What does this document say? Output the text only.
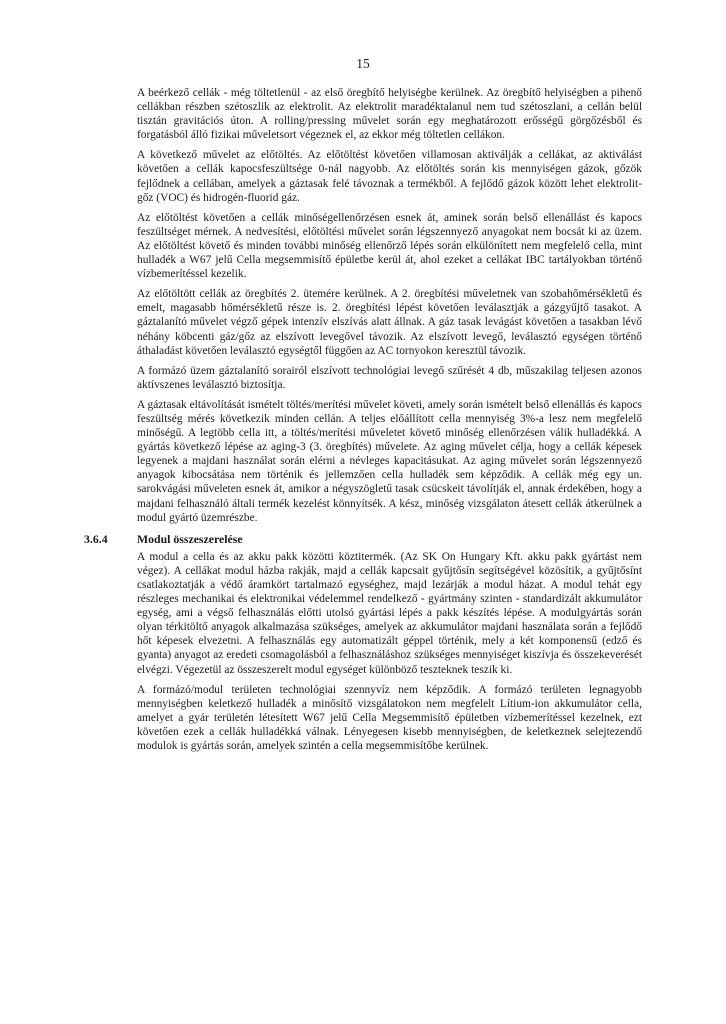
15

A beérkező cellák - még töltetlenül - az első öregbítő helyiségbe kerülnek. Az öregbítő helyiségben a pihenő cellákban részben szétoszlik az elektrolit. Az elektrolit maradéktalanul nem tud szétoszlani, a cellán belül tisztán gravitációs úton. A rolling/pressing művelet során egy meghatározott erősségű görgőzésből és forgatásból álló fizikai műveletsort végeznek el, az ekkor még töltetlen cellákon.

A következő művelet az előtöltés. Az előtöltést követően villamosan aktiválják a cellákat, az aktiválást követően a cellák kapocsfeszültsége 0-nál nagyobb. Az előtöltés során kis mennyiségen gázok, gőzök fejlődnek a cellában, amelyek a gáztasak felé távoznak a termékből. A fejlődő gázok között lehet elektrolit-gőz (VOC) és hidrogén-fluorid gáz.

Az előtöltést követően a cellák minőségellenőrzésen esnek át, aminek során belső ellenállást és kapocs feszültséget mérnek. A nedvesítési, előtöltési művelet során légszennyező anyagokat nem bocsát ki az üzem. Az előtöltést követő és minden további minőség ellenőrző lépés során elkülönített nem megfelelő cella, mint hulladék a W67 jelű Cella megsemmisítő épületbe kerül át, ahol ezeket a cellákat IBC tartályokban történő vízbemerítéssel kezelik.

Az előtöltött cellák az öregbítés 2. ütemére kerülnek. A 2. öregbítési műveletnek van szobahőmérsékletű és emelt, magasabb hőmérsékletű része is. 2. öregbítési lépést követően leválasztják a gázgyűjtő tasakot. A gáztalanító művelet végző gépek intenzív elszívás alatt állnak. A gáz tasak levágást követően a tasakban lévő néhány köbcenti gáz/gőz az elszívott levegővel távozik. Az elszívott levegő, leválasztó egységen történő áthaladást követően leválasztó egységtől függően az AC tornyokon keresztül távozik.

A formázó üzem gáztalanító sorairól elszívott technológiai levegő szűrését 4 db, műszakilag teljesen azonos aktívszenes leválasztó biztosítja.

A gáztasak eltávolítását ismételt töltés/merítési művelet követi, amely során ismételt belső ellenállás és kapocs feszültség mérés következik minden cellán. A teljes előállított cella mennyiség 3%-a lesz nem megfelelő minőségű. A legtöbb cella itt, a töltés/merítési műveletet követő minőség ellenőrzésen válik hulladékká. A gyártás következő lépése az aging-3 (3. öregbítés) művelete. Az aging művelet célja, hogy a cellák képesek legyenek a majdani használat során elérni a névleges kapacitásukat. Az aging művelet során légszennyező anyagok kibocsátása nem történik és jellemzően cella hulladék sem képződik. A cellák még egy un. sarokvágási műveleten esnek át, amikor a négyszögletű tasak csücskeit távolítják el, annak érdekében, hogy a majdani felhasználó általi termék kezelést könnyítsék. A kész, minőség vizsgálaton átesett cellák átkerülnek a modul gyártó üzemrészbe.

3.6.4 Modul összeszerelése

A modul a cella és az akku pakk közötti köztitermék. (Az SK On Hungary Kft. akku pakk gyártást nem végez). A cellákat modul házba rakják, majd a cellák kapcsait gyűjtősín segítségével közösítik, a gyűjtősínt csatlakoztatják a védő áramkört tartalmazó egységhez, majd lezárják a modul házat. A modul tehát egy részleges mechanikai és elektronikai védelemmel rendelkező - gyártmány szinten - standardizált akkumulátor egység, ami a végső felhasználás előtti utolsó gyártási lépés a pakk készítés lépése. A modulgyártás során olyan térkitöltő anyagok alkalmazása szükséges, amelyek az akkumulátor majdani használata során a fejlődő hőt képesek elvezetni. A felhasználás egy automatizált géppel történik, mely a két komponensű (edző és gyanta) anyagot az eredeti csomagolásból a felhasználáshoz szükséges mennyiséget kiszívja és összekeverését elvégzi. Végezetül az összeszerelt modul egységet különböző teszteknek teszik ki.

A formázó/modul területen technológiai szennyvíz nem képződik. A formázó területen legnagyobb mennyiségben keletkező hulladék a minősítő vizsgálatokon nem megfelelt Lítium-ion akkumulátor cella, amelyet a gyár területén létesített W67 jelű Cella Megsemmisítő épületben vízbemerítéssel kezelnek, ezt követően ezek a cellák hulladékká válnak. Lényegesen kisebb mennyiségben, de keletkeznek selejtezendő modulok is gyártás során, amelyek szintén a cella megsemmisítőbe kerülnek.
